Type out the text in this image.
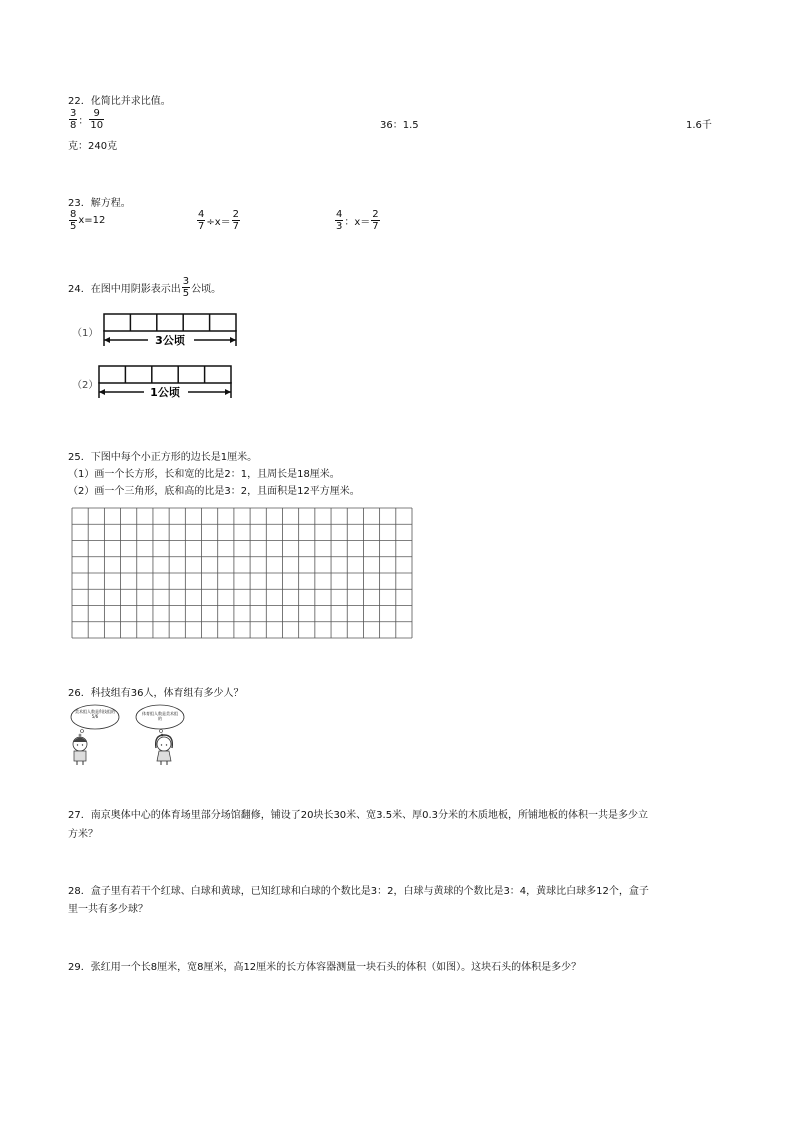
22．化简比并求比值。
$\frac{3}{8}$ ： $\frac{9}{10}$	36：1.5	1.6千
克：240克
23．解方程。
$\frac{8}{5} x=12$	$\frac{4}{7} \div x= \frac{2}{7}$	$\frac{4}{3}$ ：$x= \frac{2}{7}$
24．在图中用阴影表示出 $\frac{3}{5}$ 公顷。
（1）
3公顷
（2）
1公顷
25．下图中每个小正方形的边长是1厘米。
（1）画一个长方形，长和宽的比是2：1，且周长是18厘米。
（2）画一个三角形，底和高的比是3：2，且面积是12平方厘米。
26．科技组有36人，体育组有多少人？
美术组人数是科技组的5/6
体育组人数是美术组的
27．南京奥体中心的体育场里部分场馆翻修，铺设了20块长30米、宽3.5米、厚0.3分米的木质地板，所铺地板的体积一共是多少立
方米？
28．盒子里有若干个红球、白球和黄球，已知红球和白球的个数比是3：2，白球与黄球的个数比是3：4，黄球比白球多12个，盒子
里一共有多少球？
29．张红用一个长8厘米，宽8厘米，高12厘米的长方体容器测量一块石头的体积（如图）。这块石头的体积是多少？
